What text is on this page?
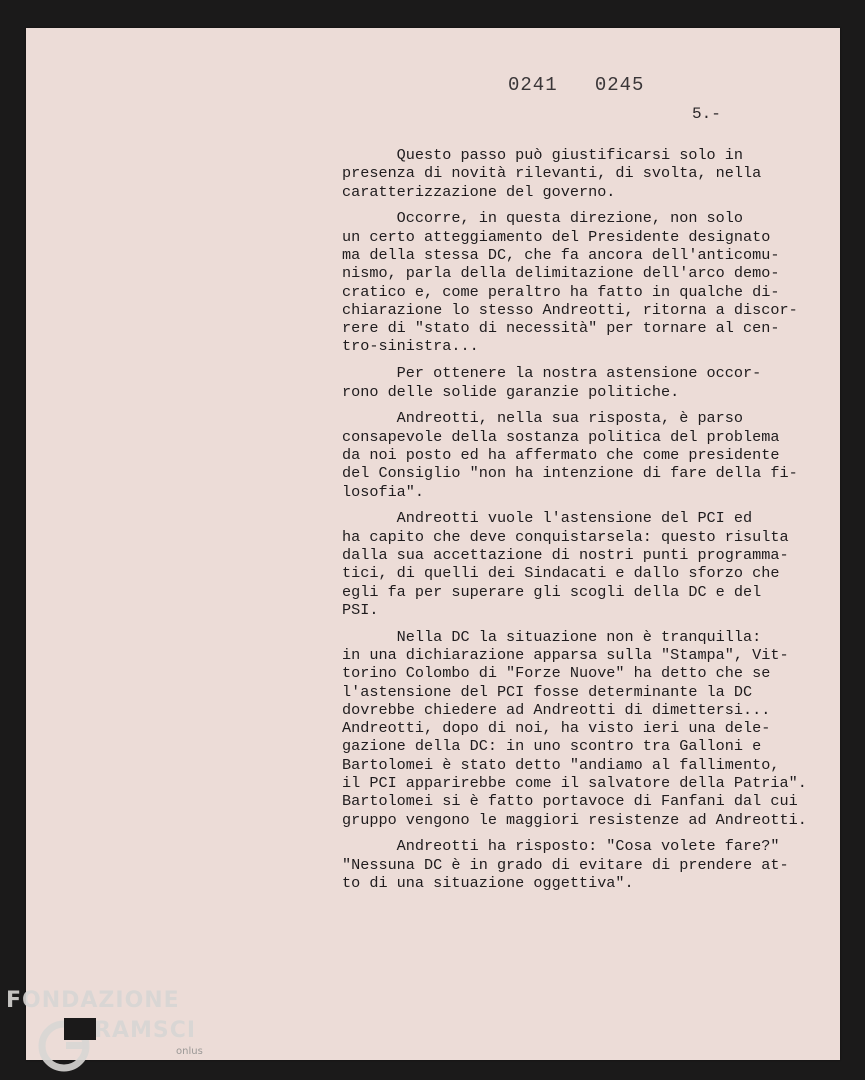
0241   0245
5.-
Questo passo può giustificarsi solo in
presenza di novità rilevanti, di svolta, nella
caratterizzazione del governo.
Occorre, in questa direzione, non solo
un certo atteggiamento del Presidente designato
ma della stessa DC, che fa ancora dell'anticomu-
nismo, parla della delimitazione dell'arco demo-
cratico e, come peraltro ha fatto in qualche di-
chiarazione lo stesso Andreotti, ritorna a discor-
rere di "stato di necessità" per tornare al cen-
tro-sinistra...
Per ottenere la nostra astensione occor-
rono delle solide garanzie politiche.
Andreotti, nella sua risposta, è parso
consapevole della sostanza politica del problema
da noi posto ed ha affermato che come presidente
del Consiglio "non ha intenzione di fare della fi-
losofia".
Andreotti vuole l'astensione del PCI ed
ha capito che deve conquistarsela: questo risulta
dalla sua accettazione di nostri punti programma-
tici, di quelli dei Sindacati e dallo sforzo che
egli fa per superare gli scogli della DC e del
PSI.
Nella DC la situazione non è tranquilla:
in una dichiarazione apparsa sulla "Stampa", Vit-
torino Colombo di "Forze Nuove" ha detto che se
l'astensione del PCI fosse determinante la DC
dovrebbe chiedere ad Andreotti di dimettersi...
Andreotti, dopo di noi, ha visto ieri una dele-
gazione della DC: in uno scontro tra Galloni e
Bartolomei è stato detto "andiamo al fallimento,
il PCI apparirebbe come il salvatore della Patria".
Bartolomei si è fatto portavoce di Fanfani dal cui
gruppo vengono le maggiori resistenze ad Andreotti.
Andreotti ha risposto: "Cosa volete fare?"
"Nessuna DC è in grado di evitare di prendere at-
to di una situazione oggettiva".
FONDAZIONE
RAMSCI
onlus
